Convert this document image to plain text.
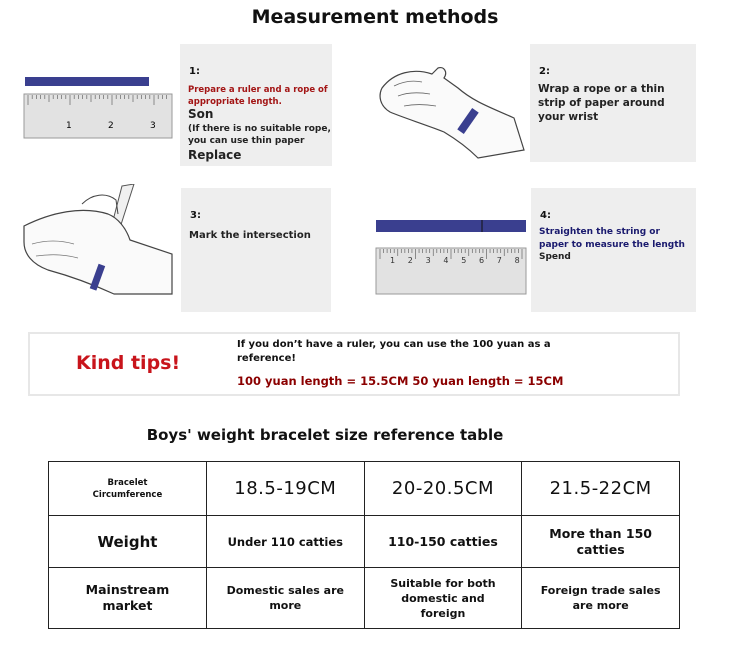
Measurement methods
1	2	3
1:
Prepare a ruler and a rope of appropriate length.
Son
(If there is no suitable rope, you can use thin paper
Replace
2:
Wrap a rope or a thin strip of paper around your wrist
3:
Mark the intersection
1 2 3 4 5 6 7 8
4:
Straighten the string or paper to measure the length
Spend
Kind tips!
If you don’t have a ruler, you can use the 100 yuan as a reference!
100 yuan length = 15.5CM 50 yuan length = 15CM
Boys' weight bracelet size reference table
Bracelet Circumference	18.5-19CM	20-20.5CM	21.5-22CM
Weight	Under 110 catties	110-150 catties	More than 150 catties
Mainstream market	Domestic sales are more	Suitable for both domestic and foreign	Foreign trade sales are more
